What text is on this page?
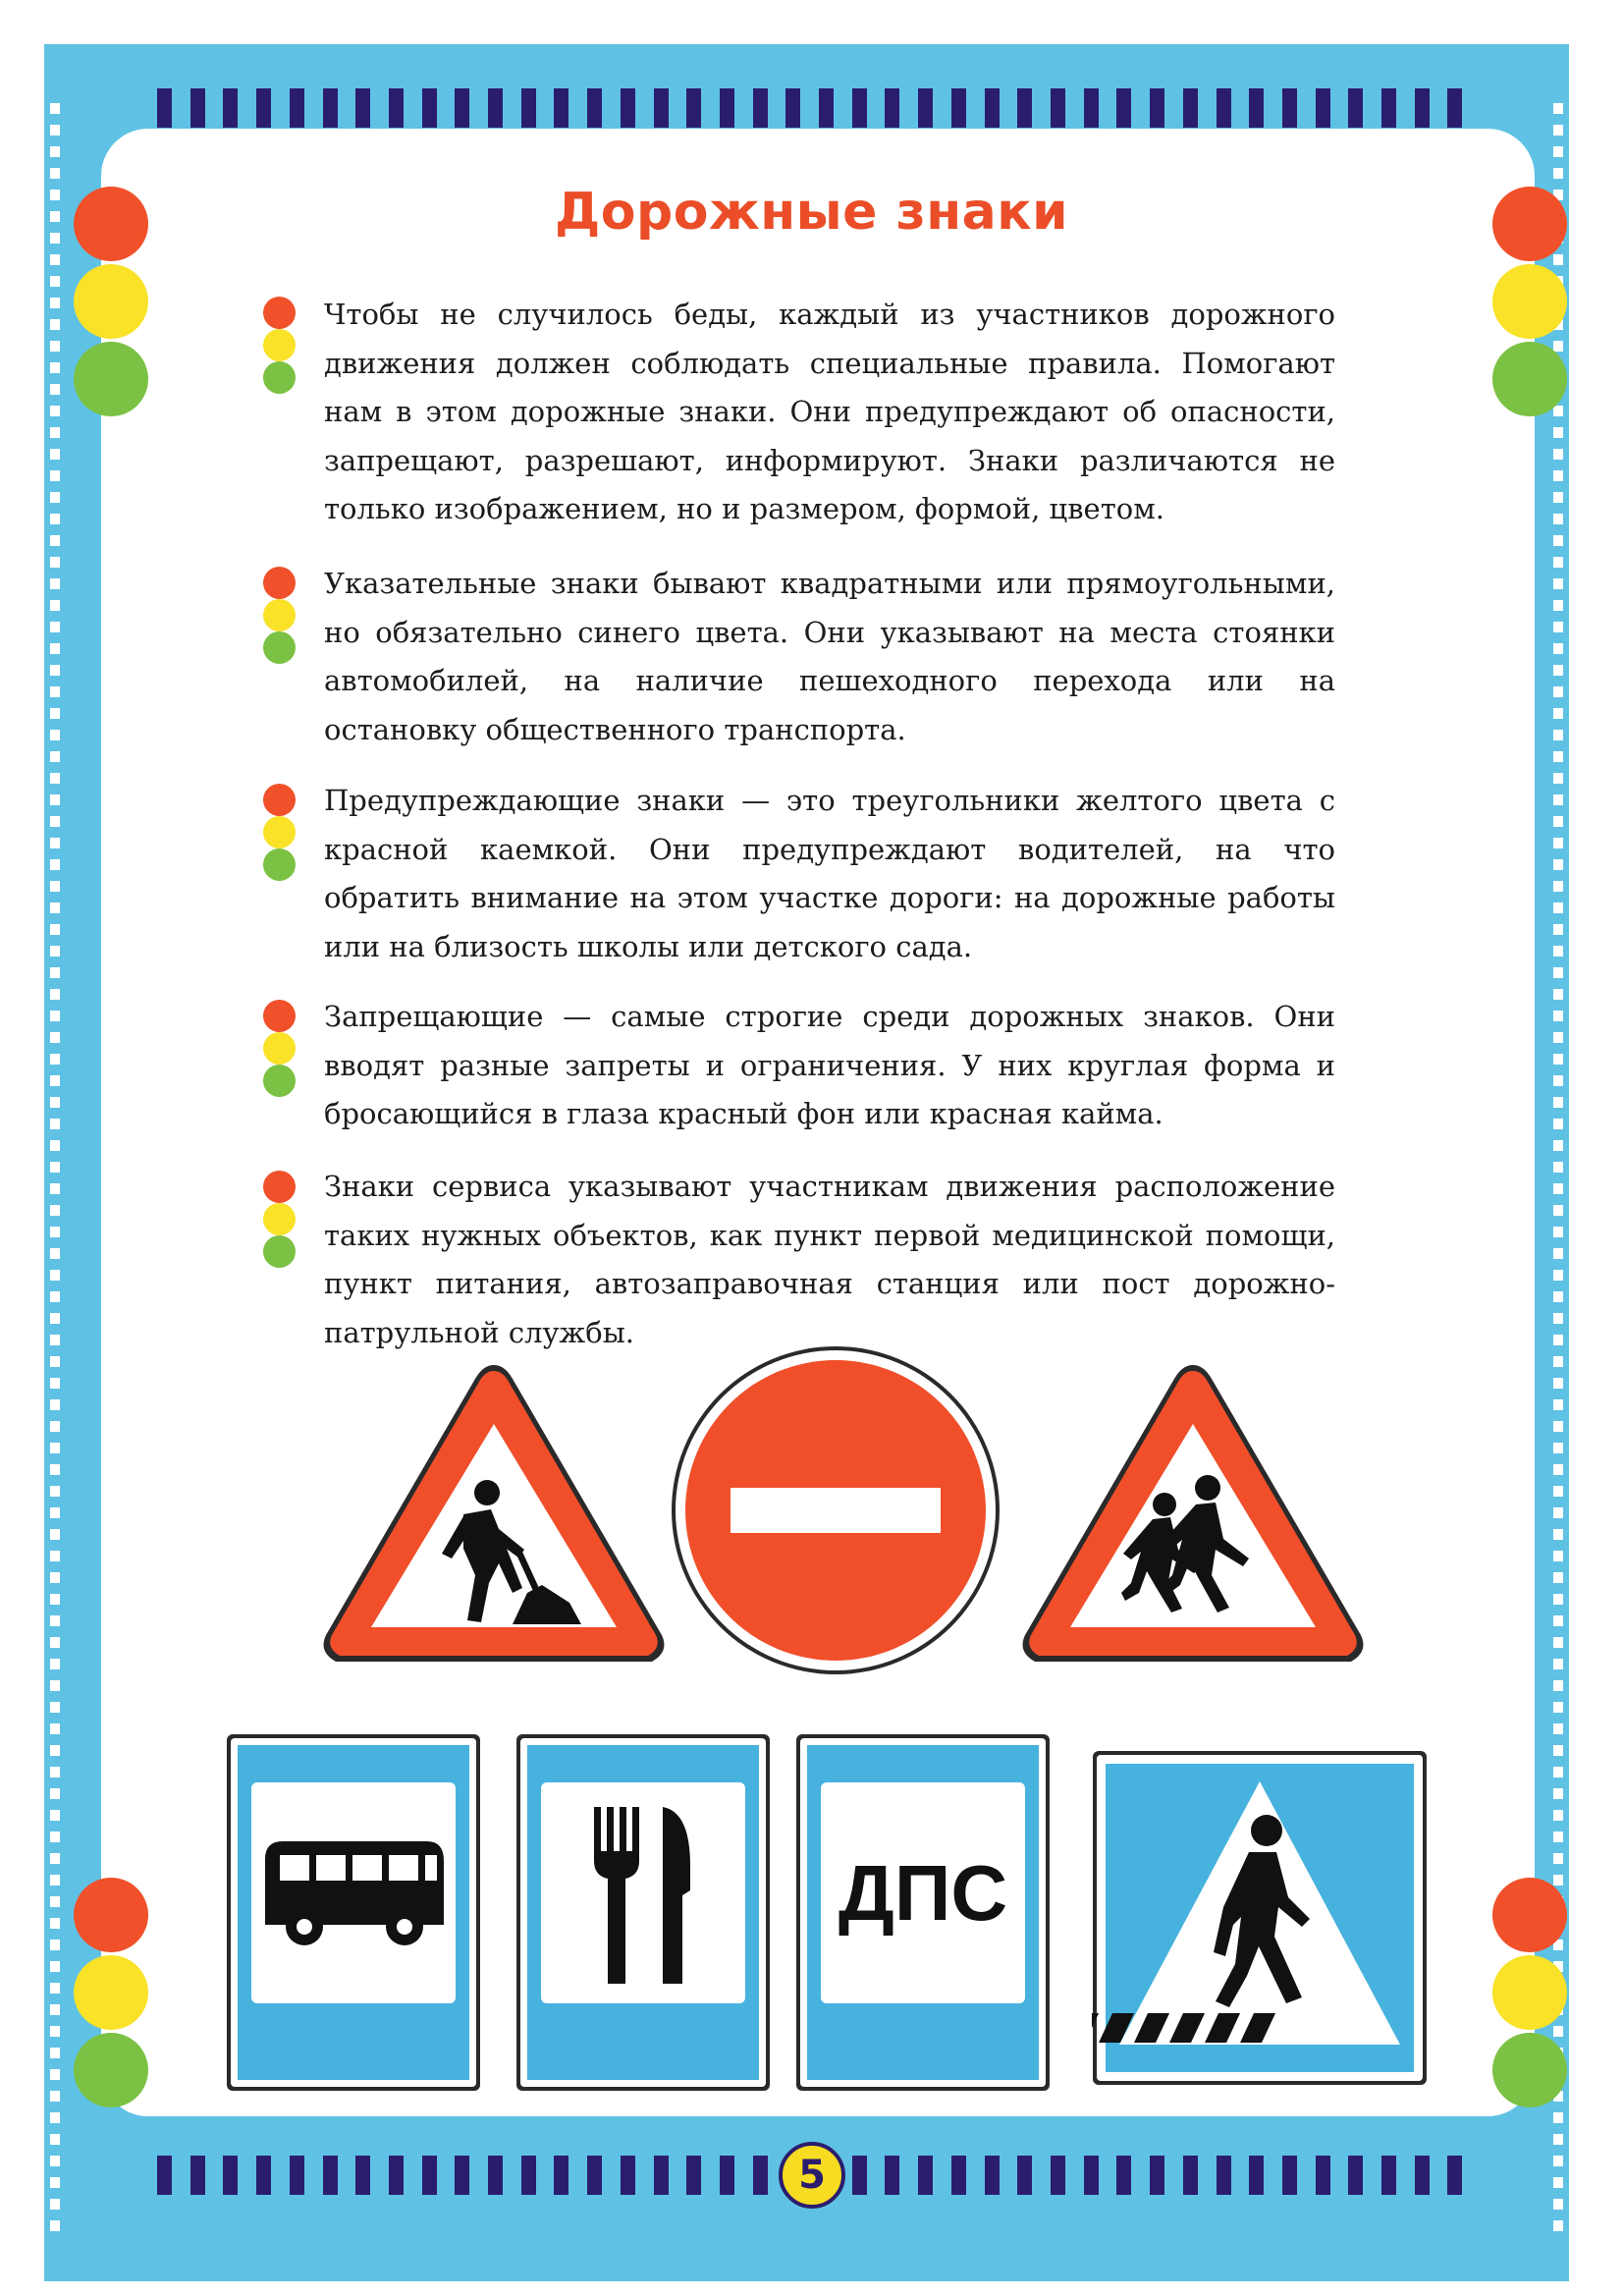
Дорожные знаки
Чтобы не случилось беды, каждый из участников дорожного движения должен соблюдать специальные правила. Помогают нам в этом дорожные знаки. Они предупреждают об опасности, запрещают, разрешают, информируют. Знаки различаются не только изображением, но и размером, формой, цветом.
Указательные знаки бывают квадратными или прямоугольными, но обязательно синего цвета. Они указывают на места стоянки автомобилей, на наличие пешеходного перехода или на остановку общественного транспорта.
Предупреждающие знаки — это треугольники желтого цвета с красной каемкой. Они предупреждают водителей, на что обратить внимание на этом участке дороги: на дорожные работы или на близость школы или детского сада.
Запрещающие — самые строгие среди дорожных знаков. Они вводят разные запреты и ограничения. У них круглая форма и бросающийся в глаза красный фон или красная кайма.
Знаки сервиса указывают участникам движения расположение таких нужных объектов, как пункт первой медицинской помощи, пункт питания, автозаправочная станция или пост дорожно-патрульной службы.
ДПС
5
